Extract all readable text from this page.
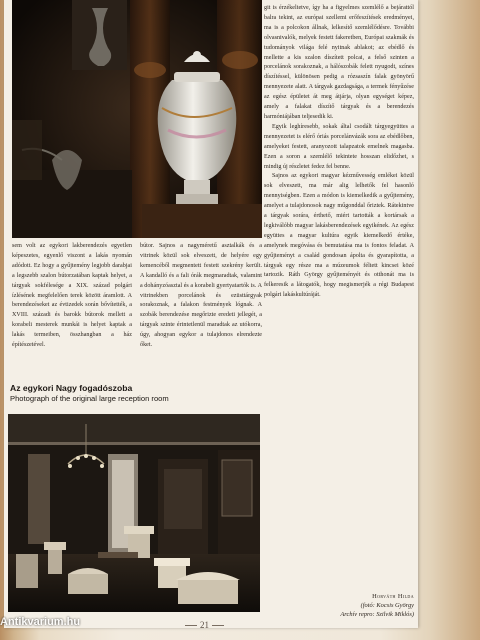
git is érzékeltetve, így ha a figyelmes szemlélő a bejárattól balra tekint, az európai szellemi erőfeszítések eredményei, ma is a polcokon állnak, lelkesítő szemlélődésre. További olvasnivalók, melyek festett fakeretben, Európai szakmák és tudományok világa felé nyitnak ablakot; az ebédlő és mellette a kis szalon díszített polcai, a felső szinten a porcelánok sorakoznak, a hálószobák felett nyugodt, színes díszítéssel, különösen pedig a rózsaszín falak gyönyörű mennyezete alatt. A tárgyak gazdagsága, a termek fényűzése az egész épületet át meg átjárja, olyan egységet képez, amely a falakat díszítő tárgyak és a berendezés harmóniájában teljesedik ki.

Egyik leghíresebb, sokak által csodált tárgyegyüttes a mennyezetet is elérő óriás porcelánvázák sora az ebédlőben, amelyeket festett, aranyozott talapzatok emelnek magasba. Ezen a soron a szemlélő tekintete hosszan elidőzhet, s mindig új részletet fedez fel benne.

Sajnos az egykori magyar kézművesség emlékei közül sok elveszett, ma már alig lelhetők fel hasonló mennyiségben. Ezen a módon is kiemelkedik a gyűjtemény, amelyet a tulajdonosok nagy műgonddal őriztek. Rátekintve a tárgyak sorára, érthető, miért tartották a kortársak a legkiválóbb magyar lakásberendezések egyikének. Az egész együttes a magyar kultúra egyik kiemelkedő értéke, amelynek megóvása és bemutatása ma is fontos feladat. A gyűjteményt a család gondosan ápolta és gyarapította, a tárgyak egy része ma a múzeumok féltett kincsei közé tartozik. Ráth György gyűjteményét és otthonát ma is felkeresik a látogatók, hogy megismerjék a régi Budapest polgári lakáskultúráját.

sem volt az egykori lakberendezés egyetlen képeszetes, egyenlő viszont a lakás nyomán adódott. Ez hogy a gyűjtemény legjobb darabjai a legszebb szalon bútorzatában kaptak helyet, a tárgyak sokfélesége a XIX. század polgári ízlésének megfelelően terek között áramlott. A berendezéseket az évtizedek során bővítették, a XVIII. századi és barokk bútorok mellett a korabeli mesterek munkái is helyet kaptak a lakás termeiben, összhangban a ház építészetével.

bútor. Sajnos a nagyméretű asztalkák és a vitrinek közül sok elveszett, de helyére egy kemencéből megmentett festett szekrény került. A kandalló és a fali órák megmaradtak, valamint a dohányzóasztal és a korabeli gyertyatartók is. A vitrinekben porcelánok és ezüsttárgyak sorakoznak, a falakon festmények lógnak. A szobák berendezése megőrizte eredeti jellegét, a tárgyak szinte érintetlenül maradtak az utókorra, úgy, ahogyan egykor a tulajdonos elrendezte őket.

Az egykori Nagy fogadószoba
Photograph of the original large reception room
Horváth Hilda
(fotó: Kocsis György
Archív repro: Szilvik Miklós)
21
Antikvarium.hu
